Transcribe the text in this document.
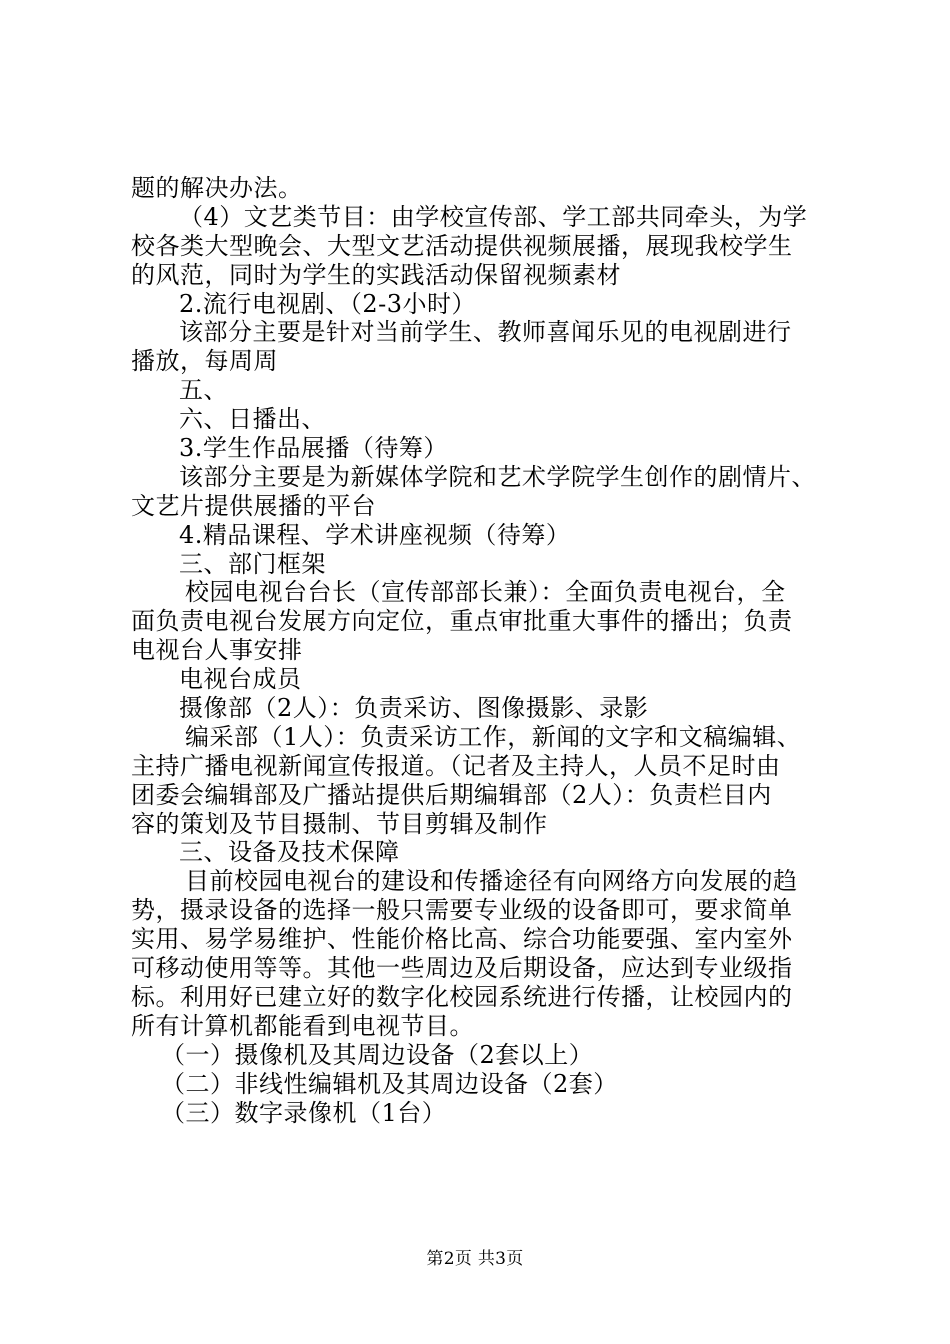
题的解决办法。
（4）文艺类节目：由学校宣传部、学工部共同牵头，为学
校各类大型晚会、大型文艺活动提供视频展播，展现我校学生
的风范，同时为学生的实践活动保留视频素材
2.流行电视剧、（2-3小时）
该部分主要是针对当前学生、教师喜闻乐见的电视剧进行
播放，每周周
五、
六、日播出、
3.学生作品展播（待筹）
该部分主要是为新媒体学院和艺术学院学生创作的剧情片、
文艺片提供展播的平台
4.精品课程、学术讲座视频（待筹）
三、部门框架
校园电视台台长（宣传部部长兼）：全面负责电视台，全
面负责电视台发展方向定位，重点审批重大事件的播出；负责
电视台人事安排
电视台成员
摄像部（2人）：负责采访、图像摄影、录影
编采部（1人）：负责采访工作，新闻的文字和文稿编辑、
主持广播电视新闻宣传报道。（记者及主持人，人员不足时由
团委会编辑部及广播站提供后期编辑部（2人）：负责栏目内
容的策划及节目摄制、节目剪辑及制作
三、设备及技术保障
目前校园电视台的建设和传播途径有向网络方向发展的趋
势，摄录设备的选择一般只需要专业级的设备即可，要求简单
实用、易学易维护、性能价格比高、综合功能要强、室内室外
可移动使用等等。其他一些周边及后期设备，应达到专业级指
标。利用好已建立好的数字化校园系统进行传播，让校园内的
所有计算机都能看到电视节目。
（一）摄像机及其周边设备（2套以上）
（二）非线性编辑机及其周边设备（2套）
（三）数字录像机（1台）
第2页 共3页
